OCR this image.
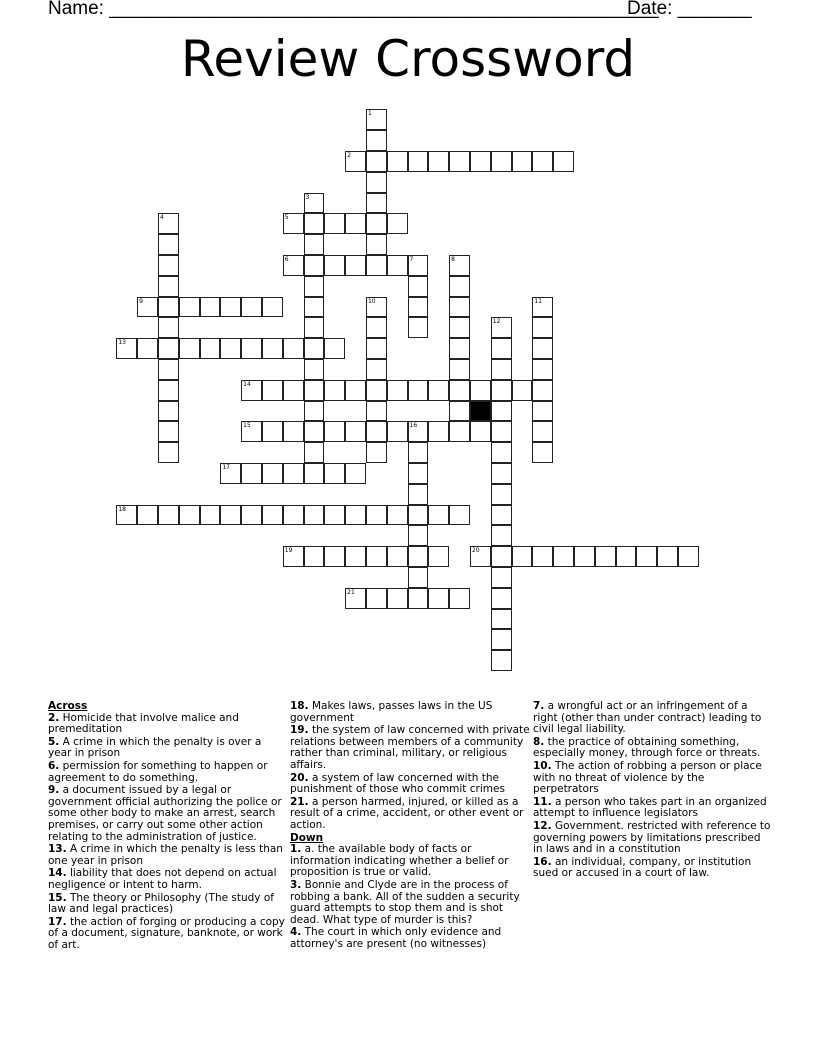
Name: ____________________________________________________
Date: _______
Review Crossword
1
2
3
4	5
6	7	8
9	10	11
12
13
14
15	16
17
18
19	20
21
Across
2. Homicide that involve malice and premeditation
5. A crime in which the penalty is over a year in prison
6. permission for something to happen or agreement to do something.
9. a document issued by a legal or government official authorizing the police or some other body to make an arrest, search premises, or carry out some other action relating to the administration of justice.
13. A crime in which the penalty is less than one year in prison
14. liability that does not depend on actual negligence or intent to harm.
15. The theory or Philosophy (The study of law and legal practices)
17. the action of forging or producing a copy of a document, signature, banknote, or work of art.
18. Makes laws, passes laws in the US government
19. the system of law concerned with private relations between members of a community rather than criminal, military, or religious affairs.
20. a system of law concerned with the punishment of those who commit crimes
21. a person harmed, injured, or killed as a result of a crime, accident, or other event or action.
Down
1. a. the available body of facts or information indicating whether a belief or proposition is true or valid.
3. Bonnie and Clyde are in the process of robbing a bank. All of the sudden a security guard attempts to stop them and is shot dead. What type of murder is this?
4. The court in which only evidence and attorney's are present (no witnesses)
7. a wrongful act or an infringement of a right (other than under contract) leading to civil legal liability.
8. the practice of obtaining something, especially money, through force or threats.
10. The action of robbing a person or place with no threat of violence by the perpetrators
11. a person who takes part in an organized attempt to influence legislators
12. Government. restricted with reference to governing powers by limitations prescribed in laws and in a constitution
16. an individual, company, or institution sued or accused in a court of law.
